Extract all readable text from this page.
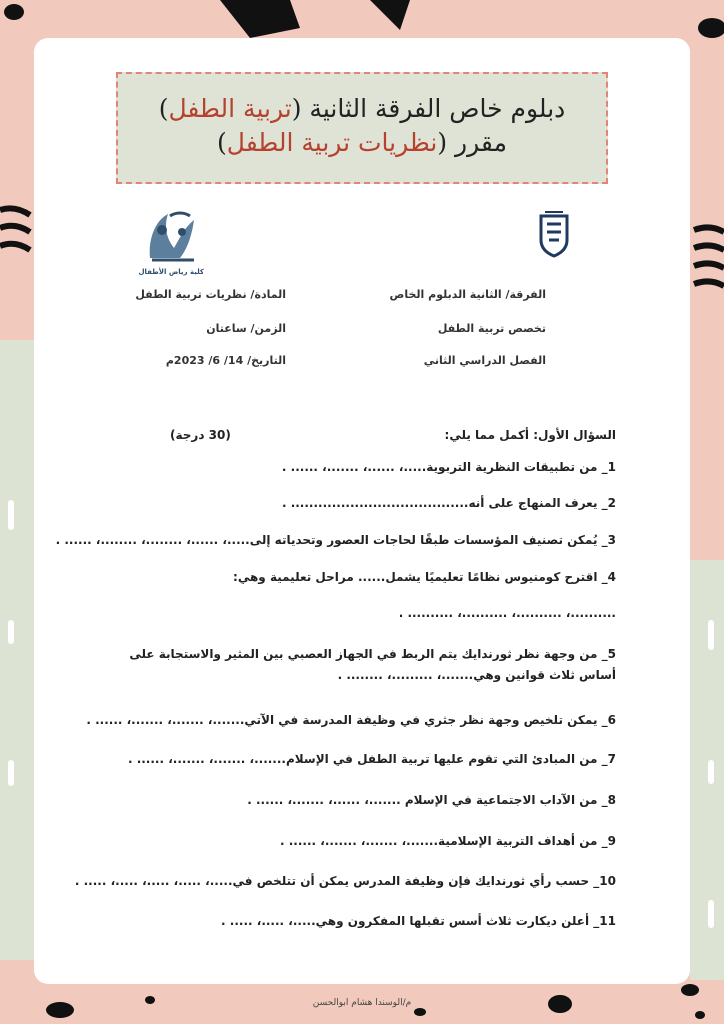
دبلوم خاص الفرقة الثانية (تربية الطفل)
مقرر (نظريات تربية الطفل)
كلية رياض الأطفال
الفرقة/ الثانية الدبلوم الخاص
تخصص تربية الطفل
الفصل الدراسي الثاني
المادة/ نظريات تربية الطفل
الزمن/ ساعتان
التاريخ/ 14/ 6/ 2023م
السؤال الأول: أكمل مما يلي:
(30 درجة)
1_ من تطبيقات النظرية التربوية.....، ......، .......، ...... .
2_ يعرف المنهاج على أنه....................................... .
3_ يُمكن تصنيف المؤسسات طبقًا لحاجات العصور وتحدياته إلى.....، ......، ........، ........، ...... .
4_ اقترح كومنيوس نظامًا تعليميًا يشمل...... مراحل تعليمية وهي:
..........، ..........، ..........، .......... .
5_ من وجهة نظر ثورندايك يتم الربط في الجهاز العصبي بين المثير والاستجابة على أساس ثلاث قوانين وهي.......، .........، ........ .
6_ يمكن تلخيص وجهة نظر جثري في وظيفة المدرسة في الآتي.......، .......، .......، ...... .
7_ من المبادئ التي تقوم عليها تربية الطفل في الإسلام.......، .......، .......، ...... .
8_ من الآداب الاجتماعية في الإسلام .......، ......، .......، ...... .
9_ من أهداف التربية الإسلامية.......، .......، .......، ...... .
10_ حسب رأي ثورندايك فإن وظيفة المدرس يمكن أن تتلخص في.....، .....، .....، .....، ..... .
11_ أعلن ديكارت ثلاث أسس تقبلها المفكرون وهي.....، .....، ..... .
م/الوسندا هشام ابوالحسن
